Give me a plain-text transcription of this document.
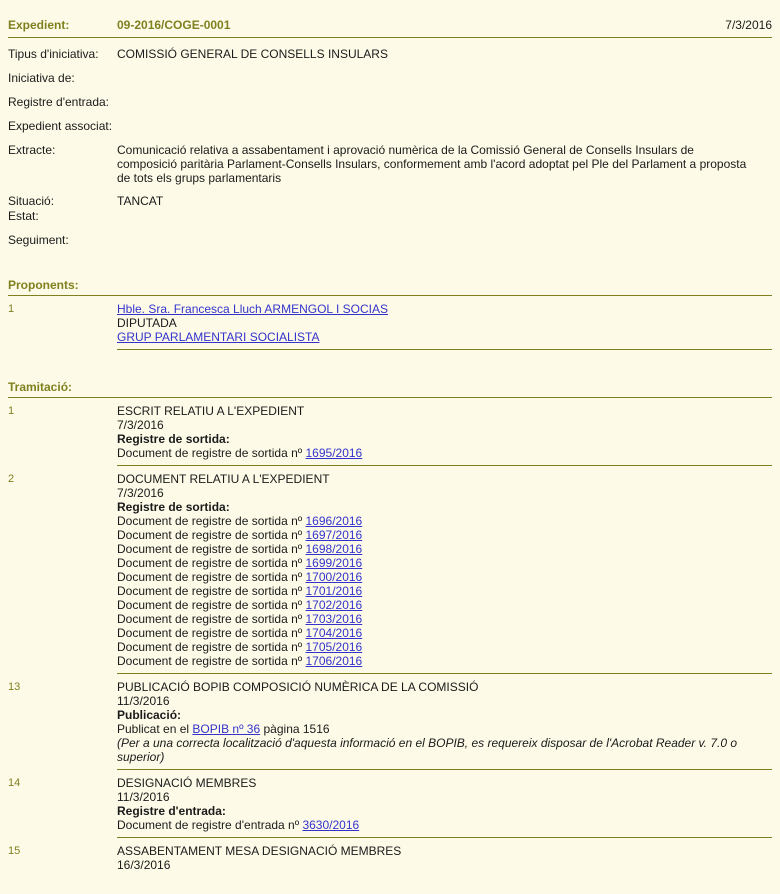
Expedient:	09-2016/COGE-0001	7/3/2016
Tipus d'iniciativa:	COMISSIÓ GENERAL DE CONSELLS INSULARS
Iniciativa de:
Registre d'entrada:
Expedient associat:
Extracte:	Comunicació relativa a assabentament i aprovació numèrica de la Comissió General de Consells Insulars de composició paritària Parlament-Consells Insulars, conformement amb l'acord adoptat pel Ple del Parlament a proposta de tots els grups parlamentaris
Situació:	TANCAT
Estat:
Seguiment:
Proponents:
1	Hble. Sra. Francesca Lluch ARMENGOL I SOCIAS
DIPUTADA
GRUP PARLAMENTARI SOCIALISTA
Tramitació:
1	ESCRIT RELATIU A L'EXPEDIENT
7/3/2016
Registre de sortida:
Document de registre de sortida nº 1695/2016
2	DOCUMENT RELATIU A L'EXPEDIENT
7/3/2016
Registre de sortida:
Document de registre de sortida nº 1696/2016
Document de registre de sortida nº 1697/2016
Document de registre de sortida nº 1698/2016
Document de registre de sortida nº 1699/2016
Document de registre de sortida nº 1700/2016
Document de registre de sortida nº 1701/2016
Document de registre de sortida nº 1702/2016
Document de registre de sortida nº 1703/2016
Document de registre de sortida nº 1704/2016
Document de registre de sortida nº 1705/2016
Document de registre de sortida nº 1706/2016
13	PUBLICACIÓ BOPIB COMPOSICIÓ NUMÈRICA DE LA COMISSIÓ
11/3/2016
Publicació:
Publicat en el BOPIB nº 36 pàgina 1516
(Per a una correcta localització d'aquesta informació en el BOPIB, es requereix disposar de l'Acrobat Reader v. 7.0 o superior)
14	DESIGNACIÓ MEMBRES
11/3/2016
Registre d'entrada:
Document de registre d'entrada nº 3630/2016
15	ASSABENTAMENT MESA DESIGNACIÓ MEMBRES
16/3/2016
